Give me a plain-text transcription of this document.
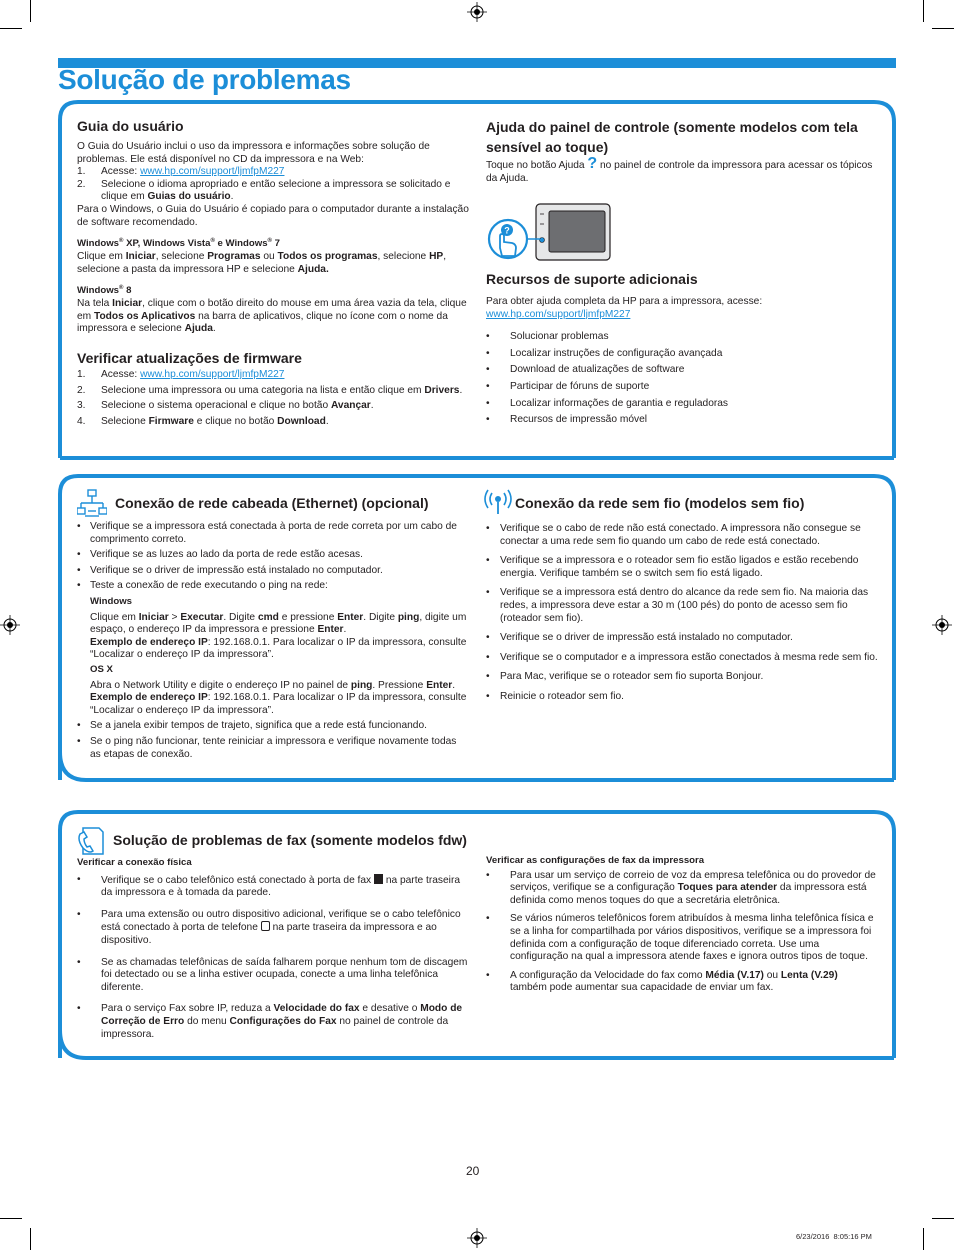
Solução de problemas
Guia do usuário

O Guia do Usuário inclui o uso da impressora e informações sobre solução de problemas. Ele está disponível no CD da impressora e na Web:

1. Acesse: www.hp.com/support/ljmfpM227
2. Selecione o idioma apropriado e então selecione a impressora se solicitado e clique em Guias do usuário.

Para o Windows, o Guia do Usuário é copiado para o computador durante a instalação de software recomendado.

Windows® XP, Windows Vista® e Windows® 7

Clique em Iniciar, selecione Programas ou Todos os programas, selecione HP, selecione a pasta da impressora HP e selecione Ajuda.

Windows® 8

Na tela Iniciar, clique com o botão direito do mouse em uma área vazia da tela, clique em Todos os Aplicativos na barra de aplicativos, clique no ícone com o nome da impressora e selecione Ajuda.

Verificar atualizações de firmware
1. Acesse: www.hp.com/support/ljmfpM227
2. Selecione uma impressora ou uma categoria na lista e então clique em Drivers.
3. Selecione o sistema operacional e clique no botão Avançar.
4. Selecione Firmware e clique no botão Download.
Ajuda do painel de controle (somente modelos com tela sensível ao toque)

Toque no botão Ajuda ? no painel de controle da impressora para acessar os tópicos da Ajuda.

?
Recursos de suporte adicionais

Para obter ajuda completa da HP para a impressora, acesse:

www.hp.com/support/ljmfpM227

• Solucionar problemas
• Localizar instruções de configuração avançada
• Download de atualizações de software
• Participar de fóruns de suporte
• Localizar informações de garantia e reguladoras
• Recursos de impressão móvel
Conexão de rede cabeada (Ethernet) (opcional)
• Verifique se a impressora está conectada à porta de rede correta por um cabo de comprimento correto.
• Verifique se as luzes ao lado da porta de rede estão acesas.
• Verifique se o driver de impressão está instalado no computador.
• Teste a conexão de rede executando o ping na rede:

Windows

Clique em Iniciar > Executar. Digite cmd e pressione Enter. Digite ping, digite um espaço, o endereço IP da impressora e pressione Enter.

Exemplo de endereço IP: 192.168.0.1. Para localizar o IP da impressora, consulte “Localizar o endereço IP da impressora”.

OS X

Abra o Network Utility e digite o endereço IP no painel de ping. Pressione Enter. Exemplo de endereço IP: 192.168.0.1. Para localizar o IP da impressora, consulte “Localizar o endereço IP da impressora”.

• Se a janela exibir tempos de trajeto, significa que a rede está funcionando.
• Se o ping não funcionar, tente reiniciar a impressora e verifique novamente todas as etapas de conexão.
Conexão da rede sem fio (modelos sem fio)
• Verifique se o cabo de rede não está conectado. A impressora não consegue se conectar a uma rede sem fio quando um cabo de rede está conectado.
• Verifique se a impressora e o roteador sem fio estão ligados e estão recebendo energia. Verifique também se o switch sem fio está ligado.
• Verifique se a impressora está dentro do alcance da rede sem fio. Na maioria das redes, a impressora deve estar a 30 m (100 pés) do ponto de acesso sem fio (roteador sem fio).
• Verifique se o driver de impressão está instalado no computador.
• Verifique se o computador e a impressora estão conectados à mesma rede sem fio.
• Para Mac, verifique se o roteador sem fio suporta Bonjour.
• Reinicie o roteador sem fio.
Solução de problemas de fax (somente modelos fdw)

Verificar a conexão física

• Verifique se o cabo telefônico está conectado à porta de fax  na parte traseira da impressora e à tomada da parede.
• Para uma extensão ou outro dispositivo adicional, verifique se o cabo telefônico está conectado à porta de telefone  na parte traseira da impressora e ao dispositivo.
• Se as chamadas telefônicas de saída falharem porque nenhum tom de discagem foi detectado ou se a linha estiver ocupada, conecte a uma linha telefônica diferente.
• Para o serviço Fax sobre IP, reduza a Velocidade do fax e desative o Modo de Correção de Erro do menu Configurações do Fax no painel de controle da impressora.

Verificar as configurações de fax da impressora

• Para usar um serviço de correio de voz da empresa telefônica ou do provedor de serviços, verifique se a configuração Toques para atender da impressora está definida como menos toques do que a secretária eletrônica.
• Se vários números telefônicos forem atribuídos à mesma linha telefônica física e se a linha for compartilhada por vários dispositivos, verifique se a impressora foi definida com a configuração de toque diferenciado correta. Use uma configuração na qual a impressora atende faxes e ignora outros tipos de toque.
• A configuração da Velocidade do fax como Média (V.17) ou Lenta (V.29) também pode aumentar sua capacidade de enviar um fax.
20
6/23/2016 8:05:16 PM
